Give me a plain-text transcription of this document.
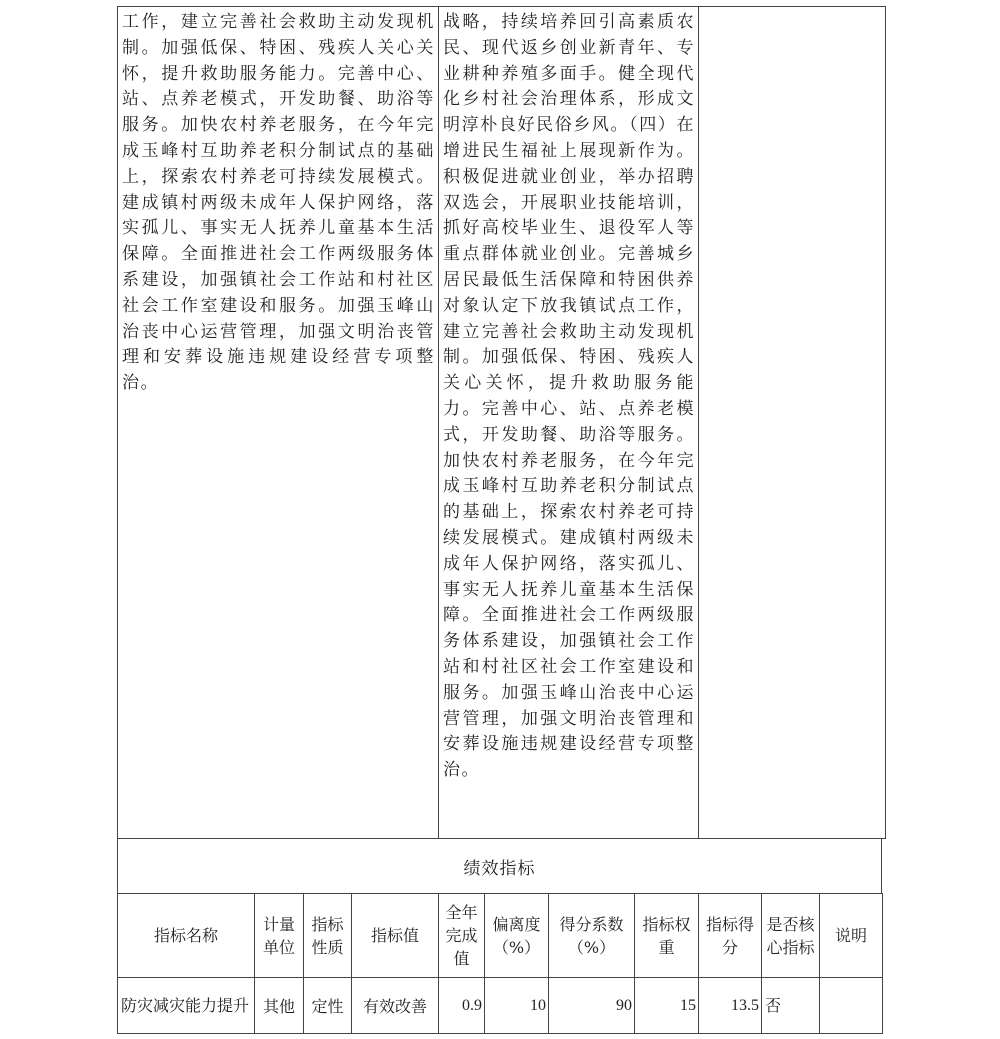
工作，建立完善社会救助主动发现机制。加强低保、特困、残疾人关心关怀，提升救助服务能力。完善中心、站、点养老模式，开发助餐、助浴等服务。加快农村养老服务，在今年完成玉峰村互助养老积分制试点的基础上，探索农村养老可持续发展模式。建成镇村两级未成年人保护网络，落实孤儿、事实无人抚养儿童基本生活保障。全面推进社会工作两级服务体系建设，加强镇社会工作站和村社区社会工作室建设和服务。加强玉峰山治丧中心运营管理，加强文明治丧管理和安葬设施违规建设经营专项整治。

战略，持续培养回引高素质农民、现代返乡创业新青年、专业耕种养殖多面手。健全现代化乡村社会治理体系，形成文明淳朴良好民俗乡风。（四）在增进民生福祉上展现新作为。积极促进就业创业，举办招聘双选会，开展职业技能培训，抓好高校毕业生、退役军人等重点群体就业创业。完善城乡居民最低生活保障和特困供养对象认定下放我镇试点工作，建立完善社会救助主动发现机制。加强低保、特困、残疾人关心关怀，提升救助服务能力。完善中心、站、点养老模式，开发助餐、助浴等服务。加快农村养老服务，在今年完成玉峰村互助养老积分制试点的基础上，探索农村养老可持续发展模式。建成镇村两级未成年人保护网络，落实孤儿、事实无人抚养儿童基本生活保障。全面推进社会工作两级服务体系建设，加强镇社会工作站和村社区社会工作室建设和服务。加强玉峰山治丧中心运营管理，加强文明治丧管理和安葬设施违规建设经营专项整治。

绩效指标
指标名称	计量单位	指标性质	指标值	全年完成值	偏离度（%）	得分系数（%）	指标权重	指标得分	是否核心指标	说明
防灾减灾能力提升	其他	定性	有效改善	0.9	10	90	15	13.5	否	
